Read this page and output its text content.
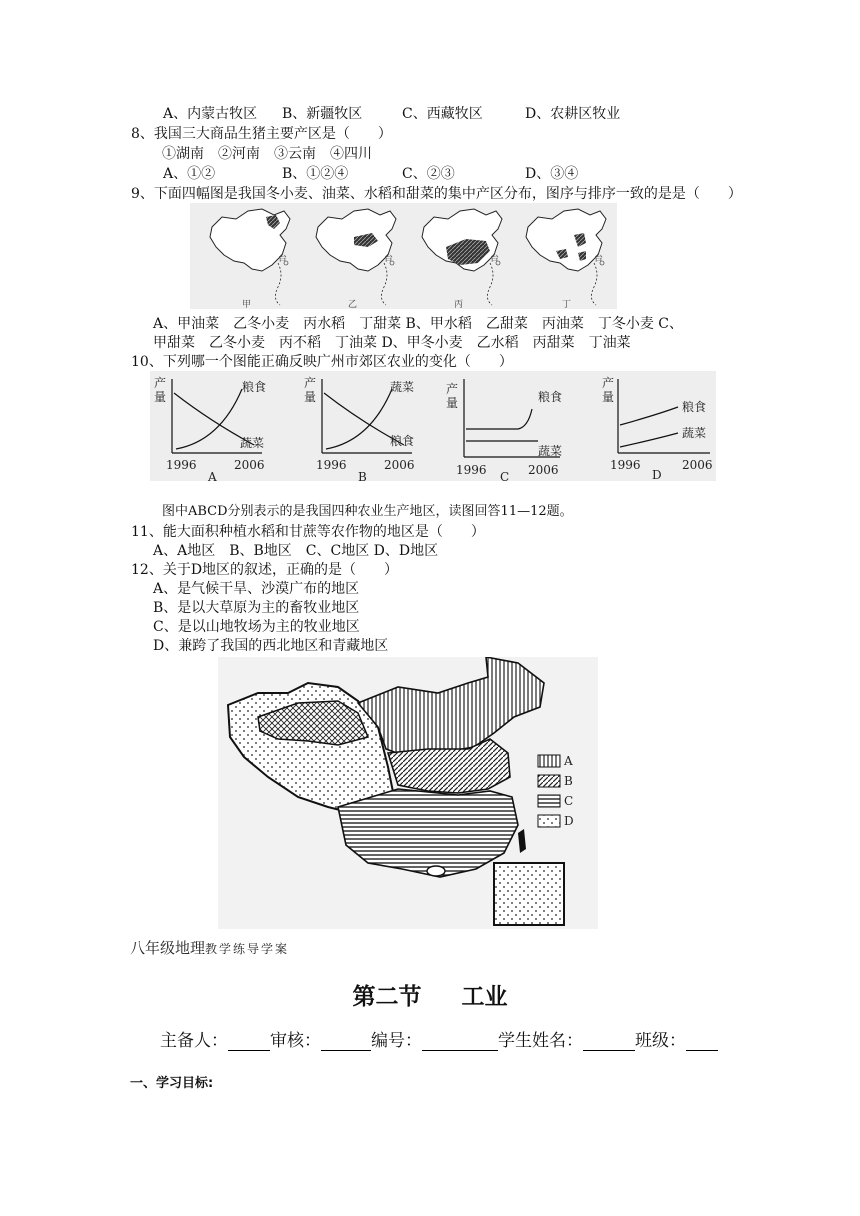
A、内蒙古牧区 B、新疆牧区	C、西藏牧区	D、农耕区牧业
8、我国三大商品生猪主要产区是（　　）
①湖南　②河南　③云南　④四川
A、①②	B、①②④	C、②③	D、③④
9、下面四幅图是我国冬小麦、油菜、水稻和甜菜的集中产区分布，图序与排序一致的是是（　　）
台	台	台	台
甲	乙	丙	丁
A、甲油菜　乙冬小麦　丙水稻　丁甜菜 B、甲水稻　乙甜菜　丙油菜　丁冬小麦 C、
甲甜菜　乙冬小麦　丙不稻　丁油菜 D、甲冬小麦　乙水稻　丙甜菜　丁油菜
10、下列哪一个图能正确反映广州市郊区农业的变化（　　）
产
量
粮食
蔬菜
1996	2006
A
产
量
蔬菜
粮食
1996	2006
B
产
量	粮食
蔬菜
1996	2006
C
产
量
粮食
蔬菜
1996	2006
D
图中ABCD分别表示的是我国四种农业生产地区，读图回答11—12题。
11、能大面积种植水稻和甘蔗等农作物的地区是（　　）
A、A地区　B、B地区　C、C地区 D、D地区
12、关于D地区的叙述，正确的是（　　）
A、是气候干旱、沙漠广布的地区
B、是以大草原为主的畜牧业地区
C、是以山地牧场为主的牧业地区
D、兼跨了我国的西北地区和青藏地区
A
B
C
D
八年级地理教学练导学案
第二节 工业
主备人： 审核：	编号：	学生姓名：	班级：
一、学习目标:
